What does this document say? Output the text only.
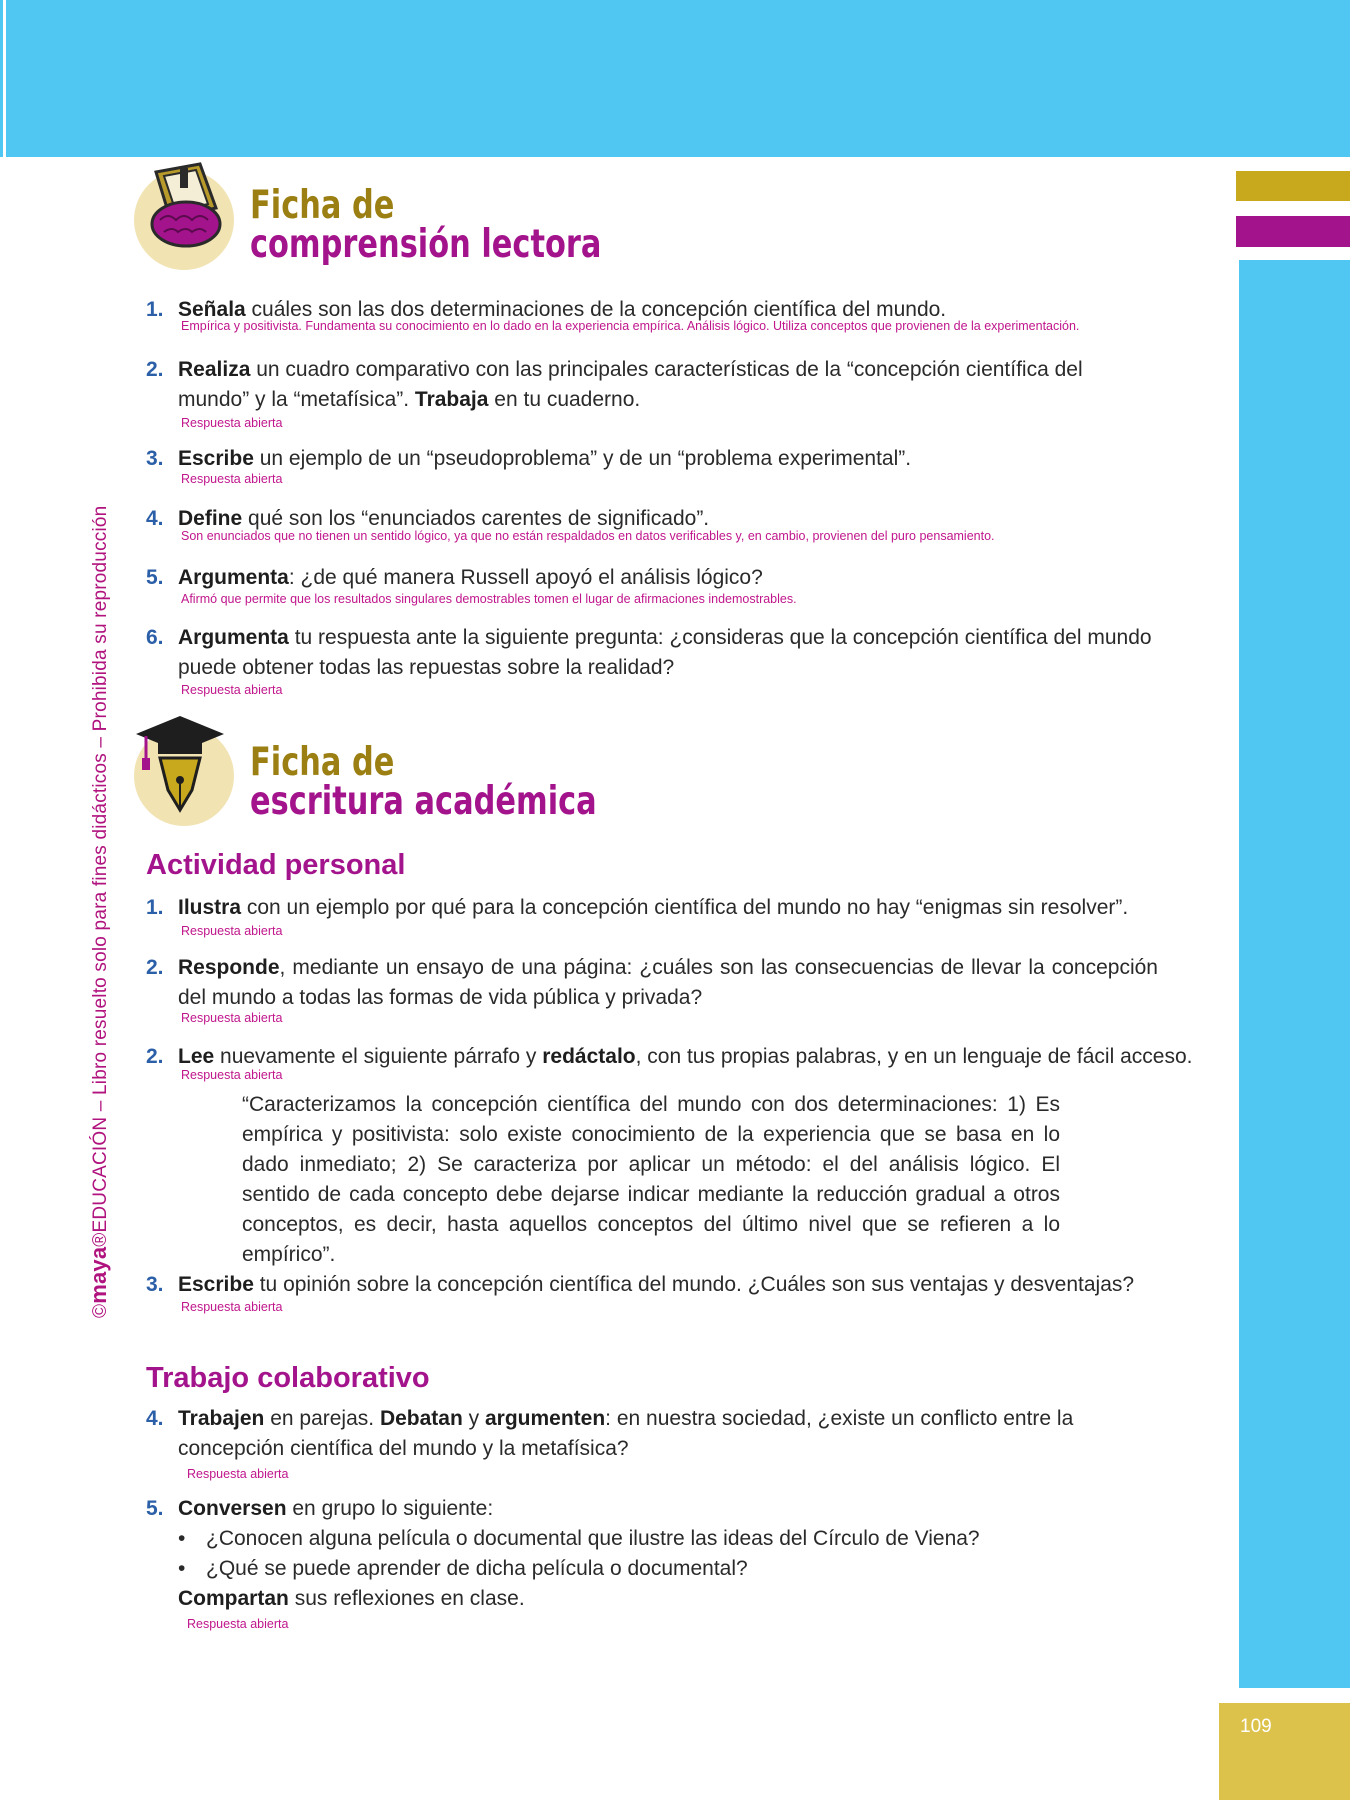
109
©maya®EDUCACIÓN – Libro resuelto solo para fines didácticos – Prohibida su reproducción
Ficha de
comprensión lectora
1. Señala cuáles son las dos determinaciones de la concepción científica del mundo.
Empírica y positivista. Fundamenta su conocimiento en lo dado en la experiencia empírica. Análisis lógico. Utiliza conceptos que provienen de la experimentación.
2. Realiza un cuadro comparativo con las principales características de la “concepción científica del mundo” y la “metafísica”. Trabaja en tu cuaderno.
Respuesta abierta
3. Escribe un ejemplo de un “pseudoproblema” y de un “problema experimental”.
Respuesta abierta
4. Define qué son los “enunciados carentes de significado”.
Son enunciados que no tienen un sentido lógico, ya que no están respaldados en datos verificables y, en cambio, provienen del puro pensamiento.
5. Argumenta: ¿de qué manera Russell apoyó el análisis lógico?
Afirmó que permite que los resultados singulares demostrables tomen el lugar de afirmaciones indemostrables.
6. Argumenta tu respuesta ante la siguiente pregunta: ¿consideras que la concepción científica del mundo puede obtener todas las repuestas sobre la realidad?
Respuesta abierta
Ficha de
escritura académica
Actividad personal
1. Ilustra con un ejemplo por qué para la concepción científica del mundo no hay “enigmas sin resolver”.
Respuesta abierta
2. Responde, mediante un ensayo de una página: ¿cuáles son las consecuencias de llevar la concepción del mundo a todas las formas de vida pública y privada?
Respuesta abierta
2. Lee nuevamente el siguiente párrafo y redáctalo, con tus propias palabras, y en un lenguaje de fácil acceso.
Respuesta abierta
“Caracterizamos la concepción científica del mundo con dos determinaciones: 1) Es empírica y positivista: solo existe conocimiento de la experiencia que se basa en lo dado inmediato; 2) Se caracteriza por aplicar un método: el del análisis lógico. El sentido de cada concepto debe dejarse indicar mediante la reducción gradual a otros conceptos, es decir, hasta aquellos conceptos del último nivel que se refieren a lo empírico”.
3. Escribe tu opinión sobre la concepción científica del mundo. ¿Cuáles son sus ventajas y desventajas?
Respuesta abierta
Trabajo colaborativo
4. Trabajen en parejas. Debatan y argumenten: en nuestra sociedad, ¿existe un conflicto entre la concepción científica del mundo y la metafísica?
Respuesta abierta
5. Conversen en grupo lo siguiente:
• ¿Conocen alguna película o documental que ilustre las ideas del Círculo de Viena?
• ¿Qué se puede aprender de dicha película o documental?
Compartan sus reflexiones en clase.
Respuesta abierta
